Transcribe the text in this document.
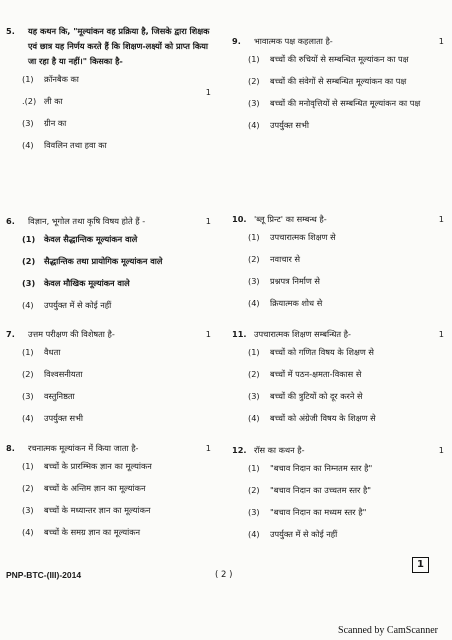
5.	यह कथन कि, "मूल्यांकन वह प्रक्रिया है, जिसके द्वारा शिक्षक एवं छात्र यह निर्णय करते हैं कि शिक्षण-लक्ष्यों को प्राप्त किया जा रहा है या नहीं।" किसका है-
1
(1)	क्रॉनबैक का
.(2) ली का
(3)	ग्रीन का
(4)	विवलिन तथा हवा का
6.	विज्ञान, भूगोल तथा कृषि विषय होते हैं -	1
(1)	केवल सैद्धान्तिक मूल्यांकन वाले
(2)	सैद्धान्तिक तथा प्रायोगिक मूल्यांकन वाले
(3)	केवल मौखिक मूल्यांकन वाले
(4)	उपर्युक्त में से कोई नहीं
7.	उत्तम परीक्षण की विशेषता है-	1
(1)	वैधता
(2)	विश्वसनीयता
(3)	वस्तुनिष्ठता
(4)	उपर्युक्त सभी
8.	रचनात्मक मूल्यांकन में किया जाता है-	1
(1)	बच्चों के प्रारम्भिक ज्ञान का मूल्यांकन
(2)	बच्चों के अन्तिम ज्ञान का मूल्यांकन
(3)	बच्चों के मध्यान्तर ज्ञान का मूल्यांकन
(4)	बच्चों के समग्र ज्ञान का मूल्यांकन
9.	भावात्मक पक्ष कहलाता है-	1
(1)	बच्चों की रुचियों से सम्बन्धित मूल्यांकन का पक्ष
(2)	बच्चों की संवेगों से सम्बन्धित मूल्यांकन का पक्ष
(3)	बच्चों की मनोवृत्तियों से सम्बन्धित मूल्यांकन का पक्ष
(4)	उपर्युक्त सभी
10. 'ब्लू प्रिन्ट' का सम्बन्ध है-	1
(1)	उपचारात्मक शिक्षण से
(2)	नवाचार से
(3)	प्रश्नपत्र निर्माण से
(4)	क्रियात्मक शोध से
11. उपचारात्मक शिक्षण सम्बन्धित है-	1
(1)	बच्चों को गणित विषय के शिक्षण से
(2)	बच्चों में पठन-क्षमता-विकास से
(3)	बच्चों की त्रुटियों को दूर करने से
(4)	बच्चों को अंग्रेजी विषय के शिक्षण से
12. रॉस का कथन है-	1
(1)	"बचाव निदान का निम्नतम स्तर है"
(2)	"बचाव निदान का उच्चतम स्तर है"
(3)	"बचाव निदान का मध्यम स्तर है"
(4)	उपर्युक्त में से कोई नहीं
PNP-BTC-(III)-2014	( 2 )
1
Scanned by CamScanner
